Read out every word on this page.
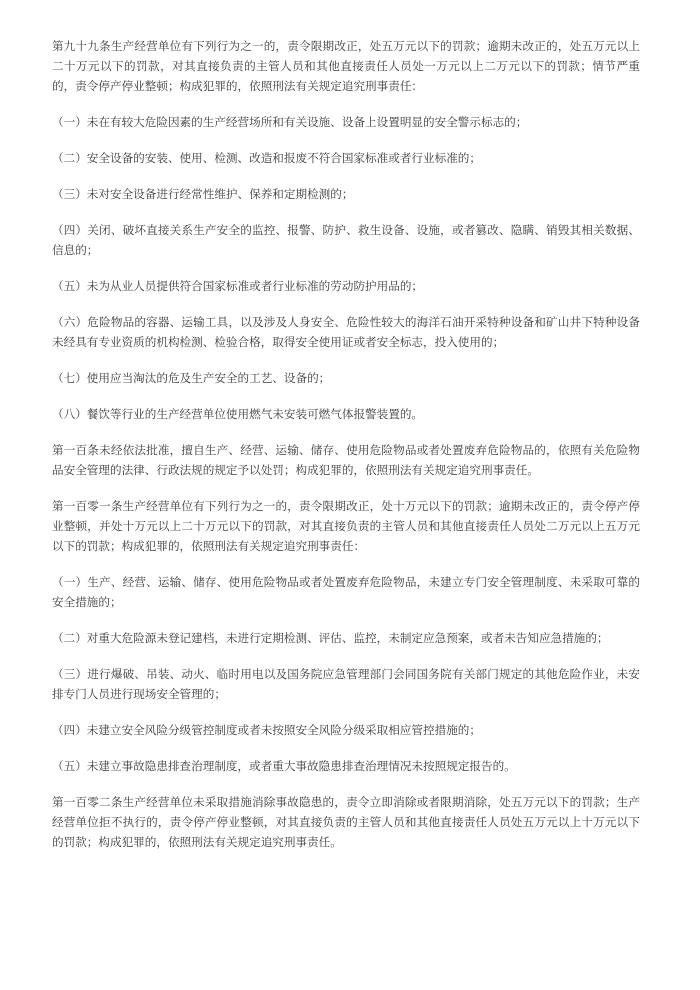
第九十九条生产经营单位有下列行为之一的，责令限期改正，处五万元以下的罚款；逾期未改正的，处五万元以上二十万元以下的罚款，对其直接负责的主管人员和其他直接责任人员处一万元以上二万元以下的罚款；情节严重的，责令停产停业整顿；构成犯罪的，依照刑法有关规定追究刑事责任：

（一）未在有较大危险因素的生产经营场所和有关设施、设备上设置明显的安全警示标志的；

（二）安全设备的安装、使用、检测、改造和报废不符合国家标准或者行业标准的；

（三）未对安全设备进行经常性维护、保养和定期检测的；

（四）关闭、破坏直接关系生产安全的监控、报警、防护、救生设备、设施，或者篡改、隐瞒、销毁其相关数据、信息的；

（五）未为从业人员提供符合国家标准或者行业标准的劳动防护用品的；

（六）危险物品的容器、运输工具，以及涉及人身安全、危险性较大的海洋石油开采特种设备和矿山井下特种设备未经具有专业资质的机构检测、检验合格，取得安全使用证或者安全标志，投入使用的；

（七）使用应当淘汰的危及生产安全的工艺、设备的；

（八）餐饮等行业的生产经营单位使用燃气未安装可燃气体报警装置的。

第一百条未经依法批准，擅自生产、经营、运输、储存、使用危险物品或者处置废弃危险物品的，依照有关危险物品安全管理的法律、行政法规的规定予以处罚；构成犯罪的，依照刑法有关规定追究刑事责任。

第一百零一条生产经营单位有下列行为之一的，责令限期改正，处十万元以下的罚款；逾期未改正的，责令停产停业整顿，并处十万元以上二十万元以下的罚款，对其直接负责的主管人员和其他直接责任人员处二万元以上五万元以下的罚款；构成犯罪的，依照刑法有关规定追究刑事责任：

（一）生产、经营、运输、储存、使用危险物品或者处置废弃危险物品，未建立专门安全管理制度、未采取可靠的安全措施的；

（二）对重大危险源未登记建档，未进行定期检测、评估、监控，未制定应急预案，或者未告知应急措施的；

（三）进行爆破、吊装、动火、临时用电以及国务院应急管理部门会同国务院有关部门规定的其他危险作业，未安排专门人员进行现场安全管理的；

（四）未建立安全风险分级管控制度或者未按照安全风险分级采取相应管控措施的；

（五）未建立事故隐患排查治理制度，或者重大事故隐患排查治理情况未按照规定报告的。

第一百零二条生产经营单位未采取措施消除事故隐患的，责令立即消除或者限期消除，处五万元以下的罚款；生产经营单位拒不执行的，责令停产停业整顿，对其直接负责的主管人员和其他直接责任人员处五万元以上十万元以下的罚款；构成犯罪的，依照刑法有关规定追究刑事责任。
